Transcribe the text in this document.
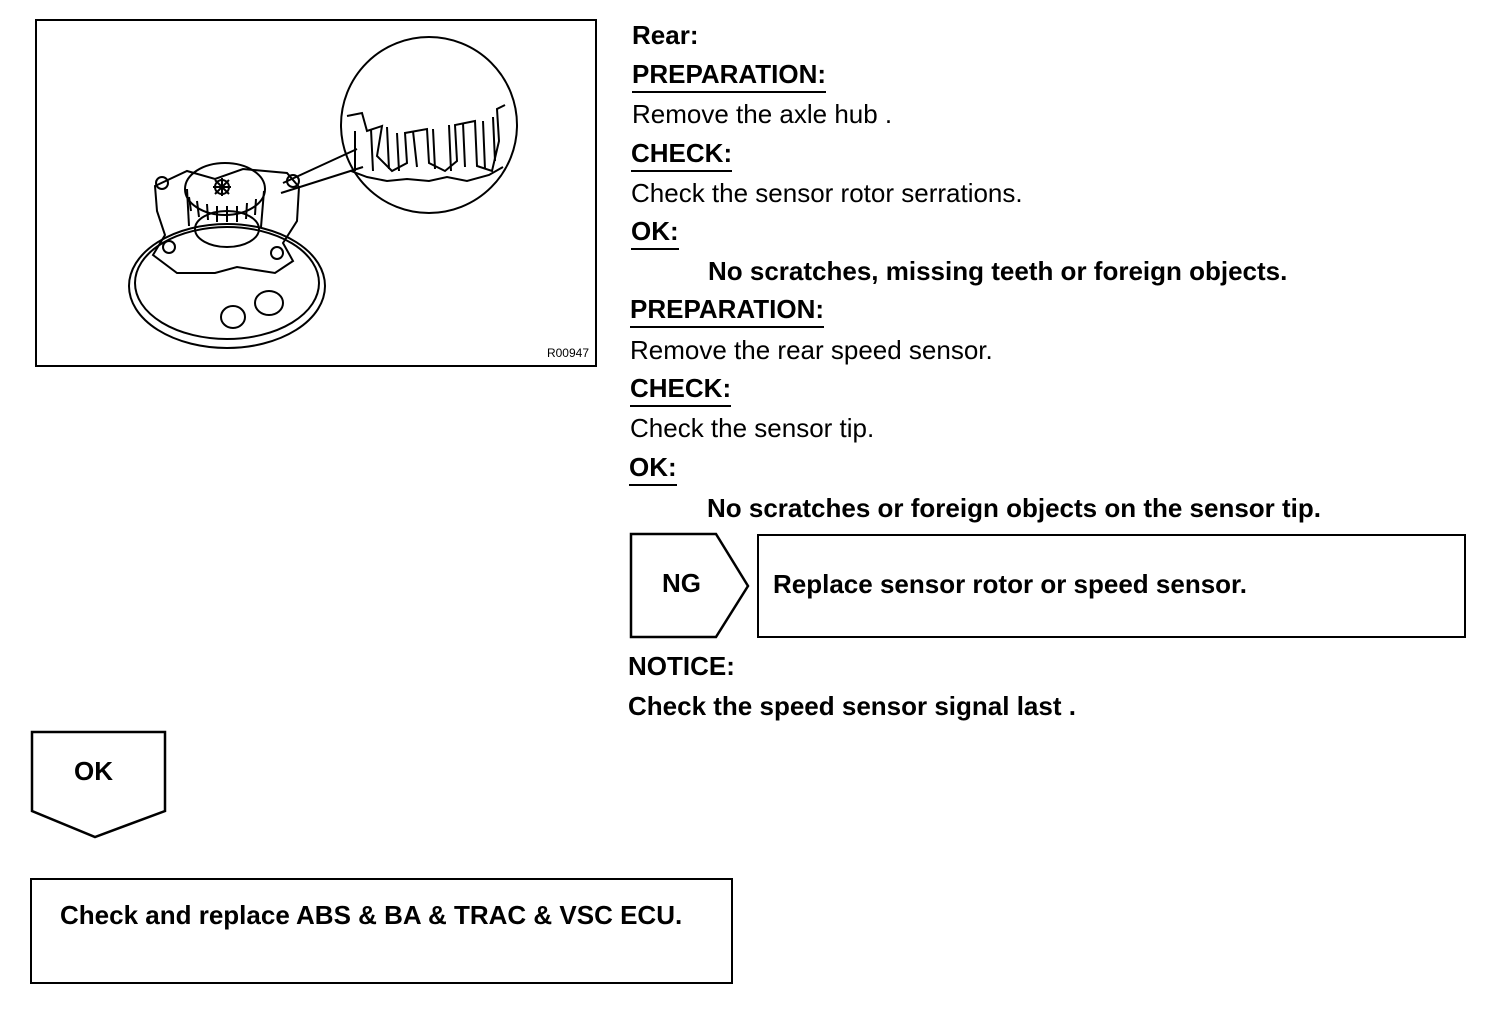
R00947
Rear:
PREPARATION:
Remove the axle hub .
CHECK:
Check the sensor rotor serrations.
OK:
No scratches, missing teeth or foreign objects.
PREPARATION:
Remove the rear speed sensor.
CHECK:
Check the sensor tip.
OK:
No scratches or foreign objects on the sensor tip.
NG	Replace sensor rotor or speed sensor.
NOTICE:
Check the speed sensor signal last .
OK
Check and replace ABS & BA & TRAC & VSC ECU.
